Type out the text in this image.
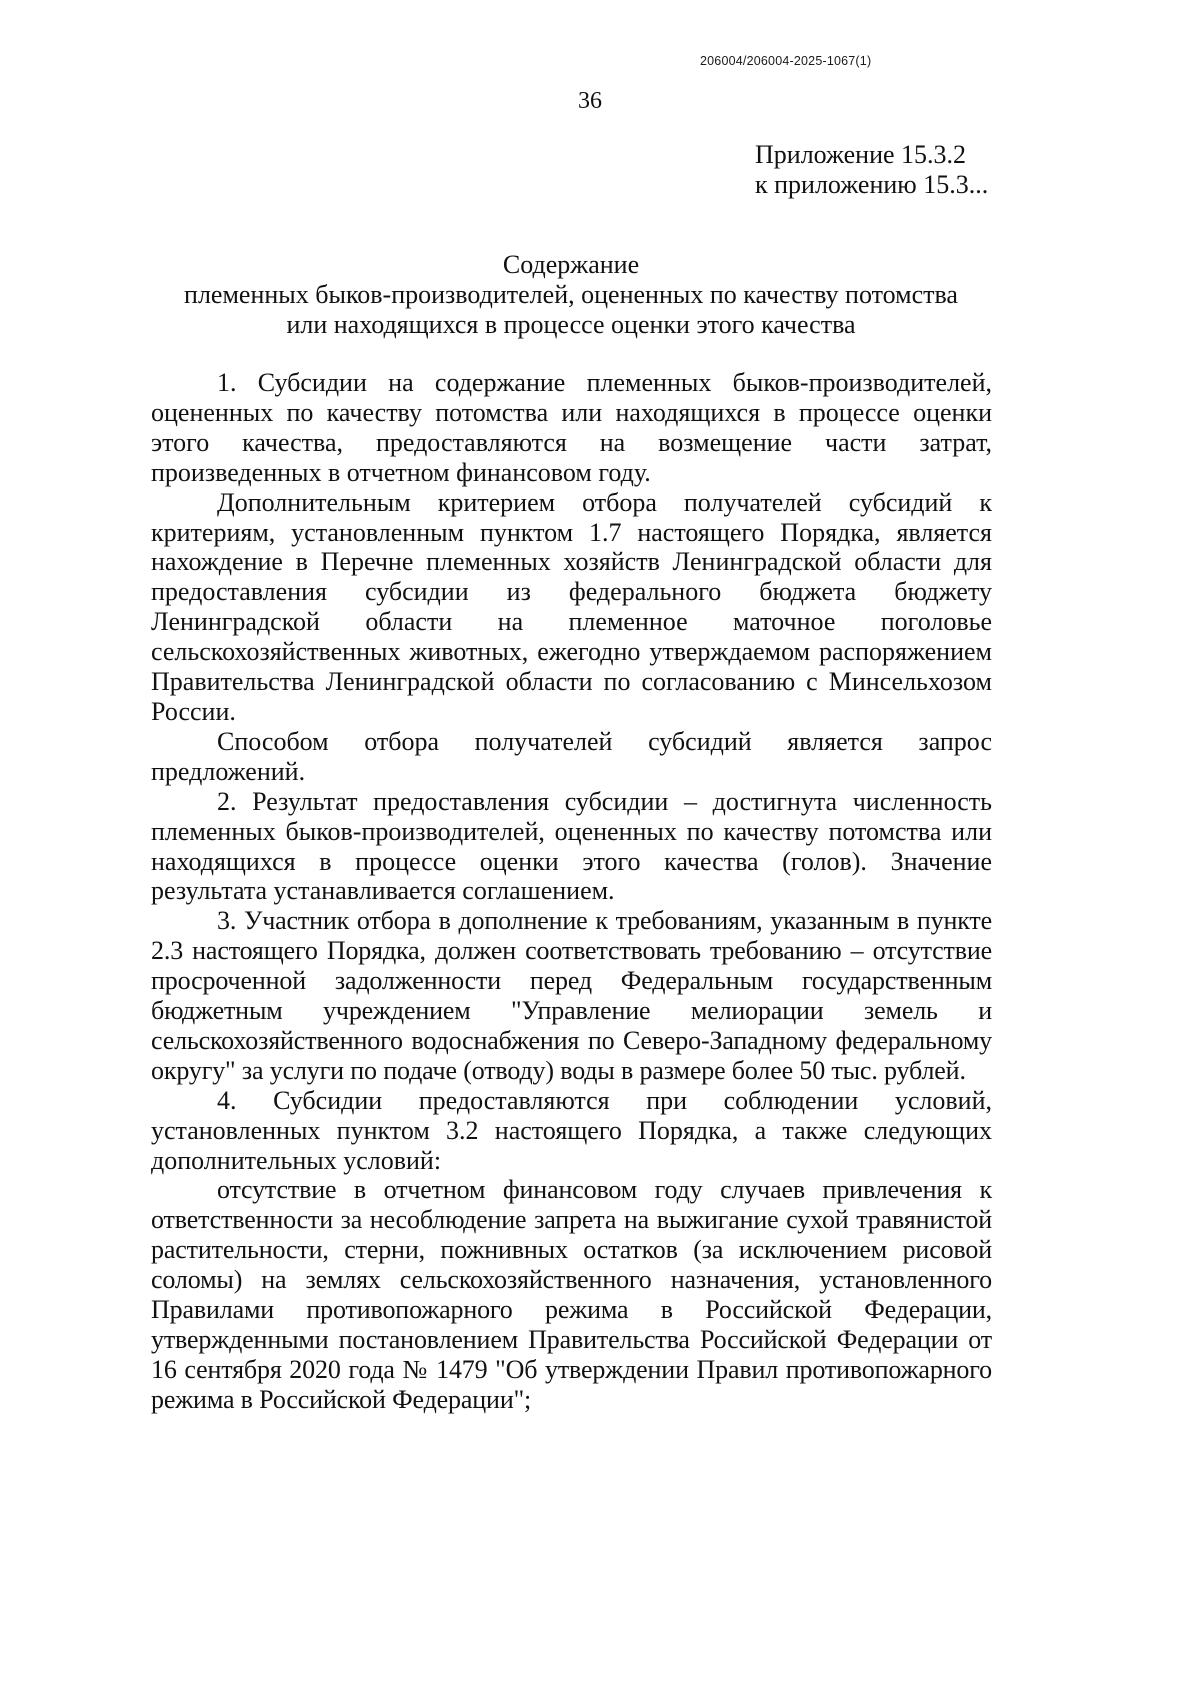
206004/206004-2025-1067(1)
36
Приложение 15.3.2
к приложению 15.3...
Содержание
племенных быков-производителей, оцененных по качеству потомства
или находящихся в процессе оценки этого качества

1. Субсидии на содержание племенных быков-производителей, оцененных по качеству потомства или находящихся в процессе оценки этого качества, предоставляются на возмещение части затрат, произведенных в отчетном финансовом году.

Дополнительным критерием отбора получателей субсидий к критериям, установленным пунктом 1.7 настоящего Порядка, является нахождение в Перечне племенных хозяйств Ленинградской области для предоставления субсидии из федерального бюджета бюджету Ленинградской области на племенное маточное поголовье сельскохозяйственных животных, ежегодно утверждаемом распоряжением Правительства Ленинградской области по согласованию с Минсельхозом России.

Способом отбора получателей субсидий является запрос предложений.

2. Результат предоставления субсидии – достигнута численность племенных быков-производителей, оцененных по качеству потомства или находящихся в процессе оценки этого качества (голов). Значение результата устанавливается соглашением.

3. Участник отбора в дополнение к требованиям, указанным в пункте 2.3 настоящего Порядка, должен соответствовать требованию – отсутствие просроченной задолженности перед Федеральным государственным бюджетным учреждением "Управление мелиорации земель и сельскохозяйственного водоснабжения по Северо-Западному федеральному округу" за услуги по подаче (отводу) воды в размере более 50 тыс. рублей.

4. Субсидии предоставляются при соблюдении условий, установленных пунктом 3.2 настоящего Порядка, а также следующих дополнительных условий:

отсутствие в отчетном финансовом году случаев привлечения к ответственности за несоблюдение запрета на выжигание сухой травянистой растительности, стерни, пожнивных остатков (за исключением рисовой соломы) на землях сельскохозяйственного назначения, установленного Правилами противопожарного режима в Российской Федерации, утвержденными постановлением Правительства Российской Федерации от 16 сентября 2020 года № 1479 "Об утверждении Правил противопожарного режима в Российской Федерации";
